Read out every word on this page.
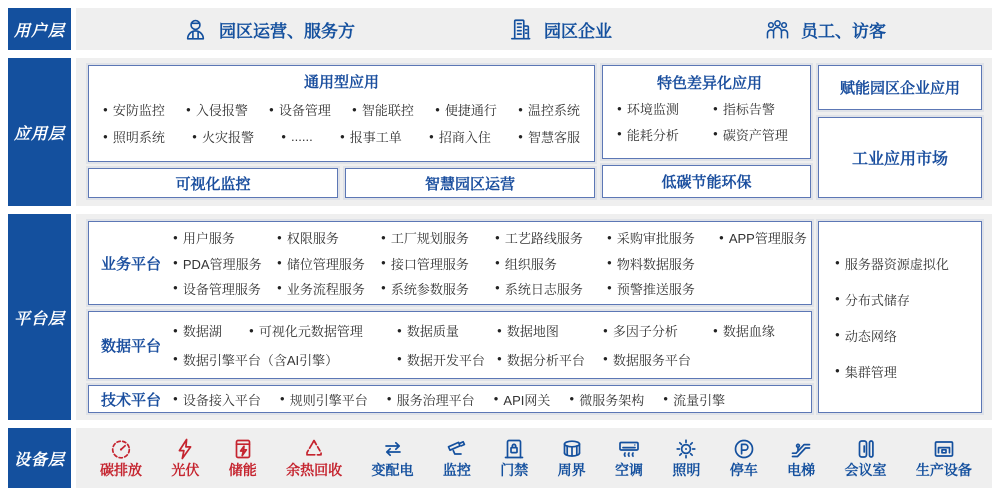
用户层	园区运营、服务方	园区企业	员工、访客
应用层
通用型应用
● 安防监控	● 入侵报警	● 设备管理	● 智能联控	● 便捷通行	● 温控系统
● 照明系统	● 火灾报警	● ......	● 报事工单	● 招商入住	● 智慧客服
可视化监控	智慧园区运营
特色差异化应用
● 环境监测	● 指标告警
● 能耗分析	● 碳资产管理
低碳节能环保
赋能园区企业应用
工业应用市场
平台层
业务平台
● 用户服务	● 权限服务	● 工厂规划服务	● 工艺路线服务	● 采购审批服务	● APP管理服务
● PDA管理服务 ● 储位管理服务 ● 接口管理服务	● 组织服务	● 物料数据服务
● 设备管理服务 ● 业务流程服务 ● 系统参数服务	● 系统日志服务	● 预警推送服务
数据平台
● 数据湖	● 可视化元数据管理	● 数据质量	● 数据地图	● 多因子分析	● 数据血缘
● 数据引擎平台（含AI引擎）	● 数据开发平台 ● 数据分析平台 ● 数据服务平台
技术平台	● 设备接入平台 ● 规则引擎平台 ● 服务治理平台 ● API网关 ● 微服务架构 ● 流量引擎
● 服务器资源虚拟化
● 分布式储存
● 动态网络
● 集群管理
设备层
碳排放 光伏 储能 余热回收 变配电 监控 门禁 周界 空调 照明 停车 电梯 会议室 生产设备
